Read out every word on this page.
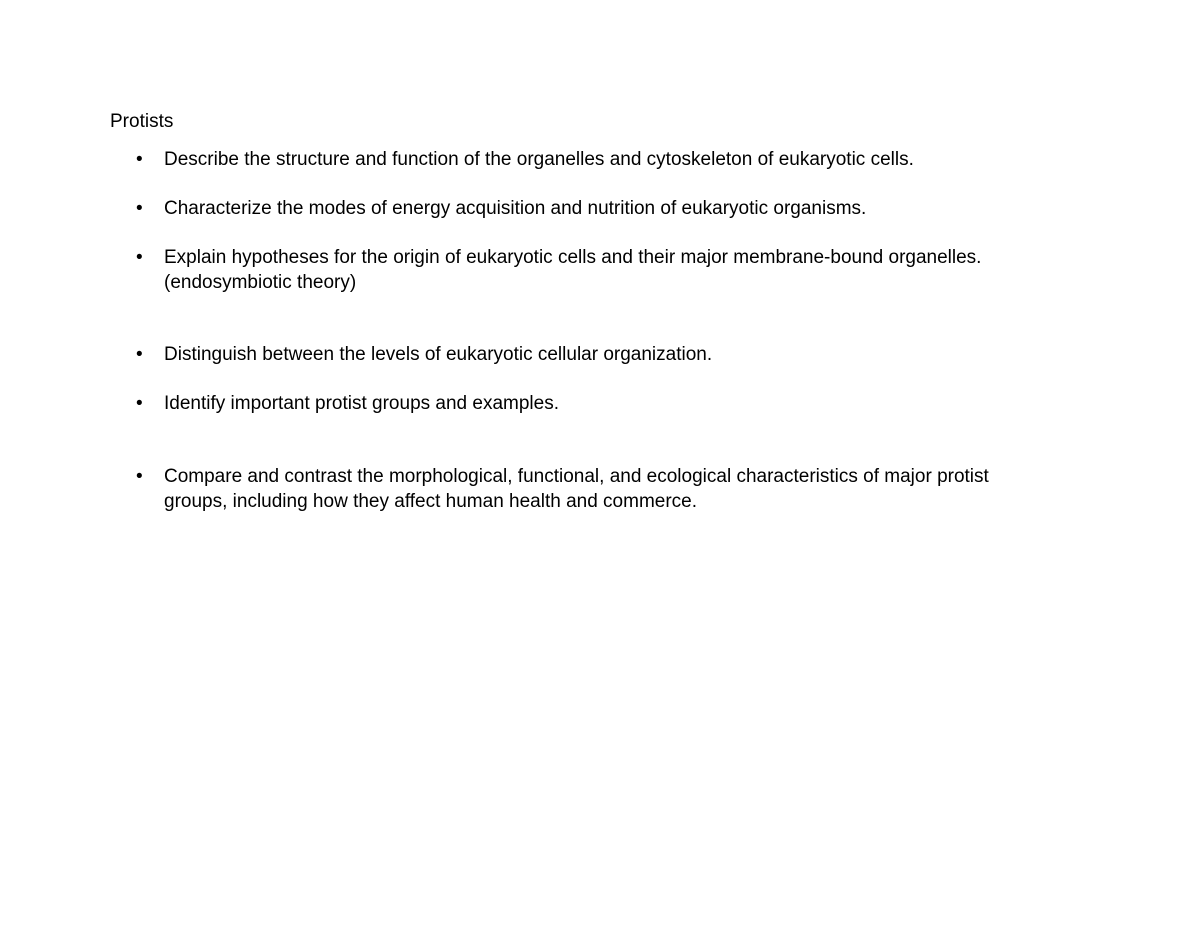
Protists
•	Describe the structure and function of the organelles and cytoskeleton of eukaryotic cells.
•	Characterize the modes of energy acquisition and nutrition of eukaryotic organisms.
•	Explain hypotheses for the origin of eukaryotic cells and their major membrane-bound organelles.
(endosymbiotic theory)
•	Distinguish between the levels of eukaryotic cellular organization.
•	Identify important protist groups and examples.
•	Compare and contrast the morphological, functional, and ecological characteristics of major protist
groups, including how they affect human health and commerce.
